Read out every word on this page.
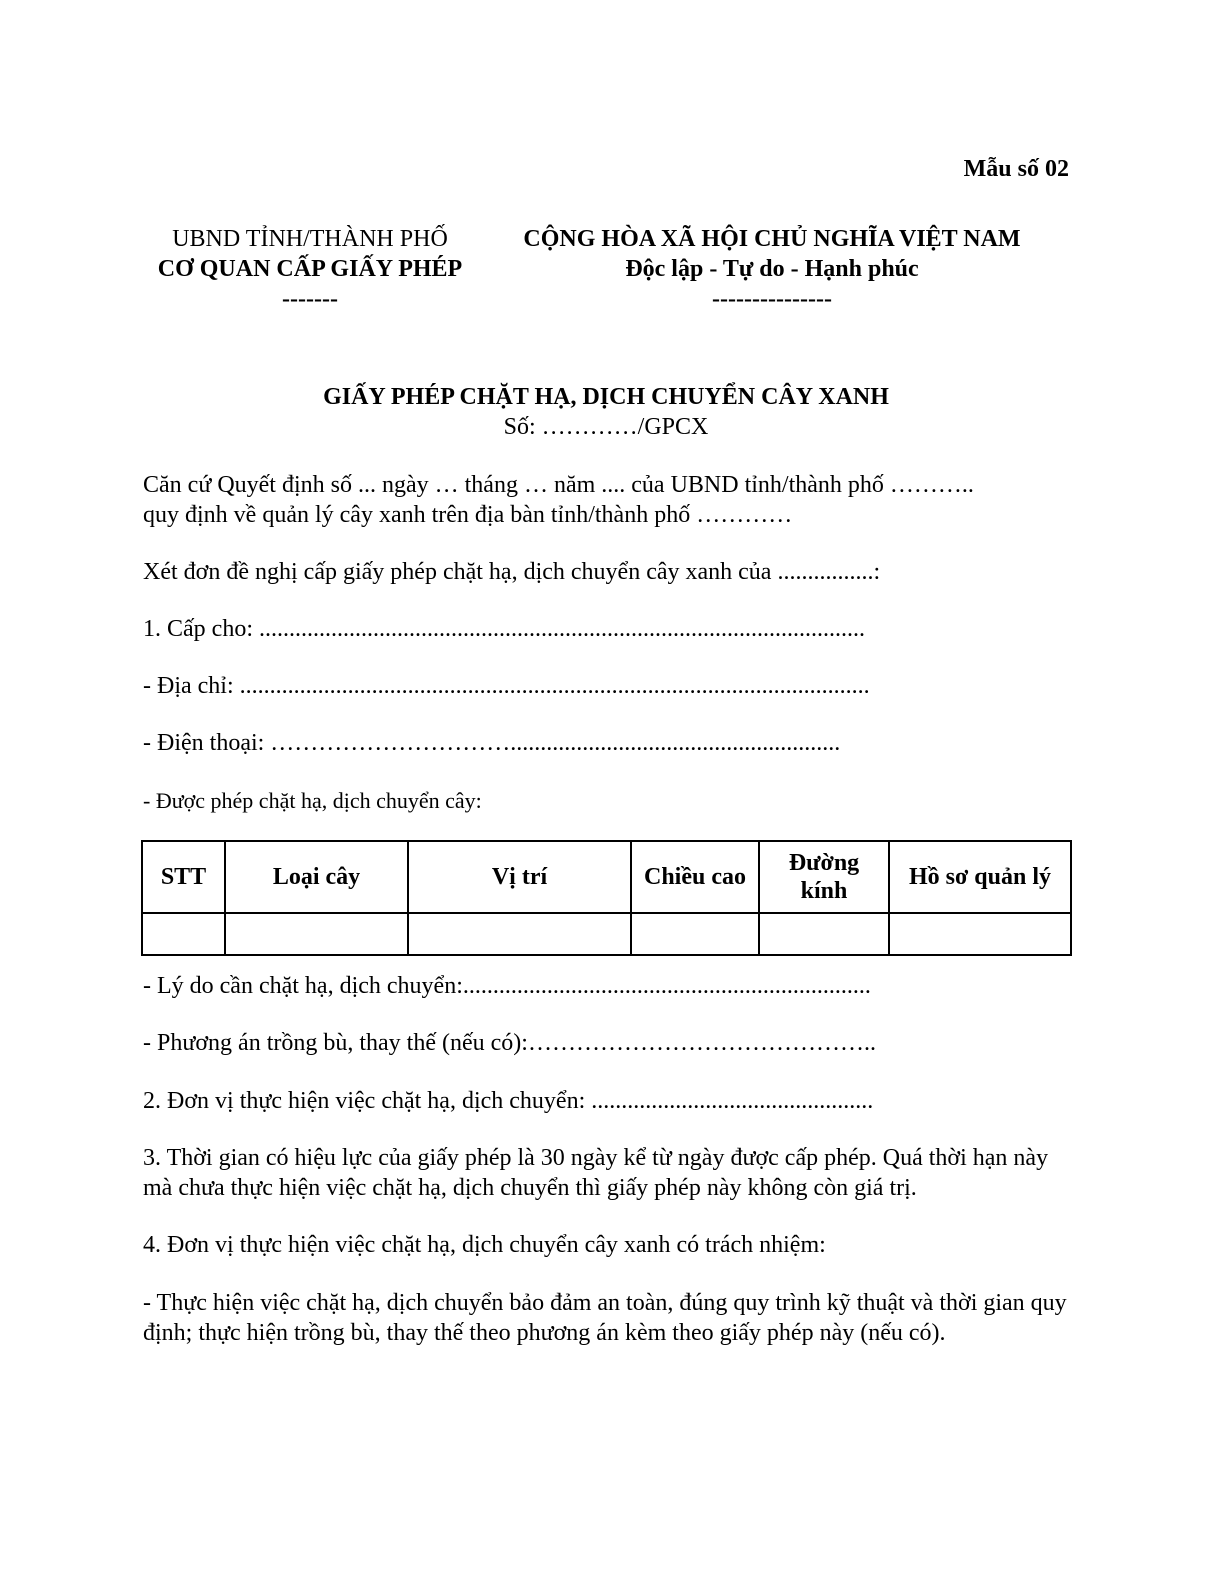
Mẫu số 02
UBND TỈNH/THÀNH PHỐ
CƠ QUAN CẤP GIẤY PHÉP
-------
CỘNG HÒA XÃ HỘI CHỦ NGHĨA VIỆT NAM
Độc lập - Tự do - Hạnh phúc
---------------
GIẤY PHÉP CHẶT HẠ, DỊCH CHUYỂN CÂY XANH
Số: …………/GPCX

Căn cứ Quyết định số ... ngày … tháng … năm .... của UBND tỉnh/thành phố ………..

quy định về quản lý cây xanh trên địa bàn tỉnh/thành phố …………

Xét đơn đề nghị cấp giấy phép chặt hạ, dịch chuyển cây xanh của ................:

1. Cấp cho: .....................................................................................................

- Địa chỉ: .........................................................................................................

- Điện thoại: ………………………….......................................................

- Được phép chặt hạ, dịch chuyển cây:

STT	Loại cây	Vị trí	Chiều cao	Đường kính	Hồ sơ quản lý

- Lý do cần chặt hạ, dịch chuyển:....................................................................

- Phương án trồng bù, thay thế (nếu có):……………………………………..

2. Đơn vị thực hiện việc chặt hạ, dịch chuyển: ...............................................

3. Thời gian có hiệu lực của giấy phép là 30 ngày kể từ ngày được cấp phép. Quá thời hạn này mà chưa thực hiện việc chặt hạ, dịch chuyển thì giấy phép này không còn giá trị.

4. Đơn vị thực hiện việc chặt hạ, dịch chuyển cây xanh có trách nhiệm:

- Thực hiện việc chặt hạ, dịch chuyển bảo đảm an toàn, đúng quy trình kỹ thuật và thời gian quy định; thực hiện trồng bù, thay thế theo phương án kèm theo giấy phép này (nếu có).
